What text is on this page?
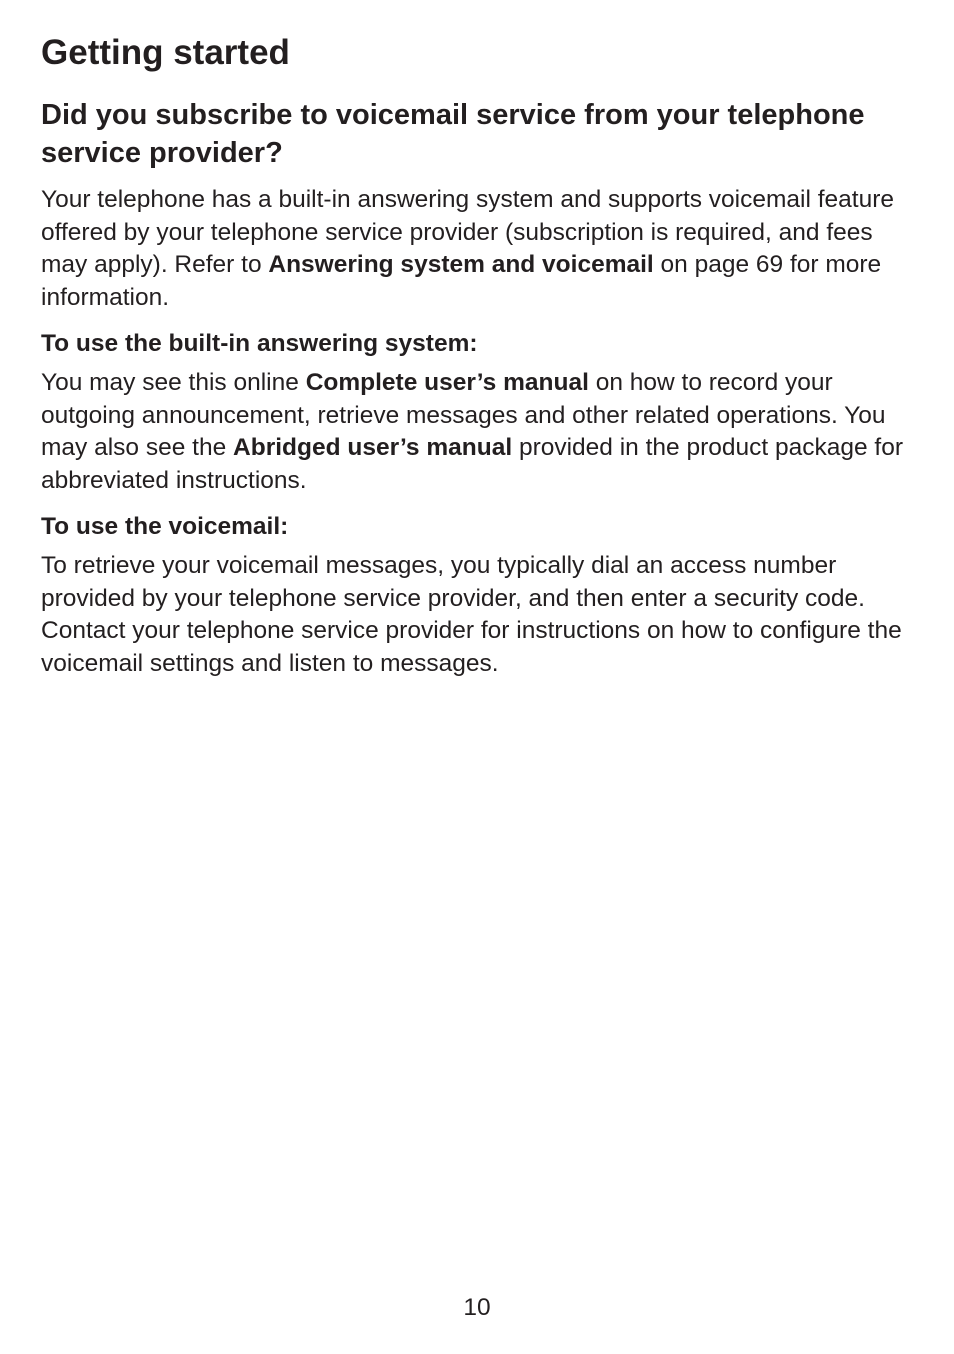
Getting started
Did you subscribe to voicemail service from your telephone service provider?

Your telephone has a built-in answering system and supports voicemail feature offered by your telephone service provider (subscription is required, and fees may apply). Refer to Answering system and voicemail on page 69 for more information.

To use the built-in answering system:

You may see this online Complete user’s manual on how to record your outgoing announcement, retrieve messages and other related operations. You may also see the Abridged user’s manual provided in the product package for abbreviated instructions.

To use the voicemail:

To retrieve your voicemail messages, you typically dial an access number provided by your telephone service provider, and then enter a security code. Contact your telephone service provider for instructions on how to configure the voicemail settings and listen to messages.

10
